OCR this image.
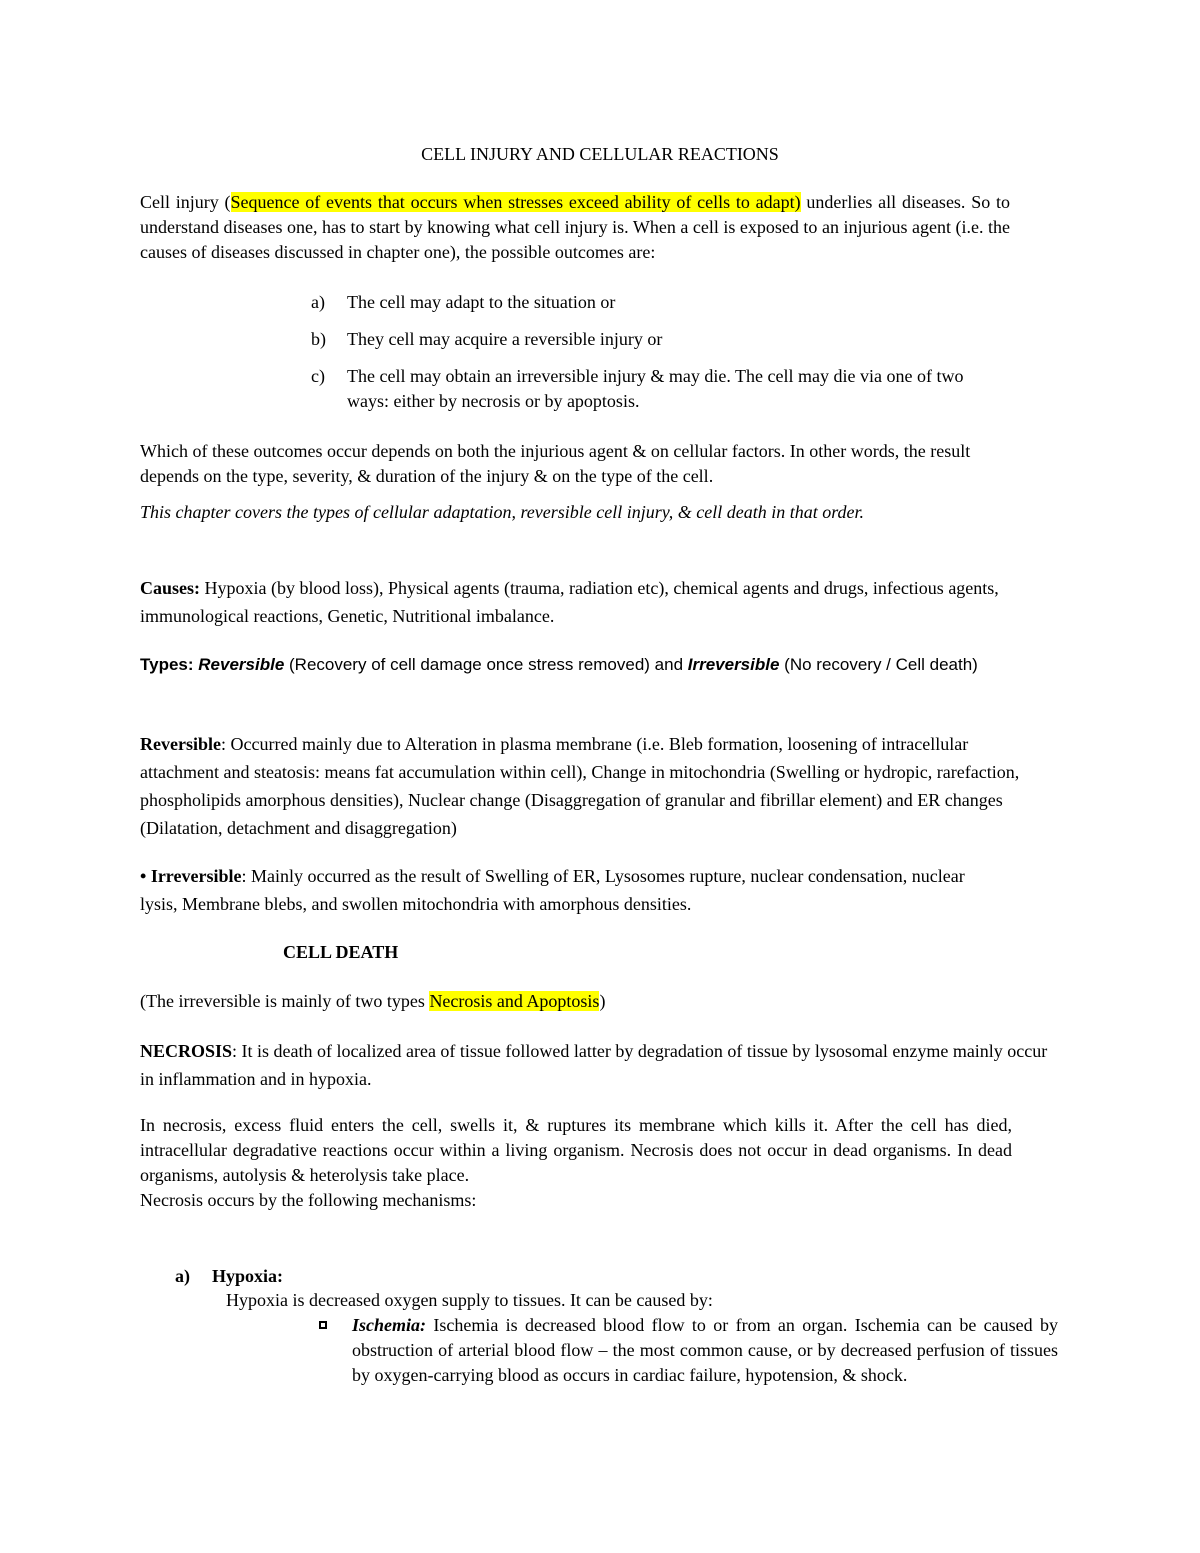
CELL INJURY AND CELLULAR REACTIONS

Cell injury (Sequence of events that occurs when stresses exceed ability of cells to adapt) underlies all diseases. So to understand diseases one, has to start by knowing what cell injury is. When a cell is exposed to an injurious agent (i.e. the causes of diseases discussed in chapter one), the possible outcomes are:

a) The cell may adapt to the situation or
b) They cell may acquire a reversible injury or
c) The cell may obtain an irreversible injury & may die. The cell may die via one of two ways: either by necrosis or by apoptosis.

Which of these outcomes occur depends on both the injurious agent & on cellular factors. In other words, the result depends on the type, severity, & duration of the injury & on the type of the cell.

This chapter covers the types of cellular adaptation, reversible cell injury, & cell death in that order.

Causes: Hypoxia (by blood loss), Physical agents (trauma, radiation etc), chemical agents and drugs, infectious agents, immunological reactions, Genetic, Nutritional imbalance.

Types: Reversible (Recovery of cell damage once stress removed) and Irreversible (No recovery / Cell death)

Reversible: Occurred mainly due to Alteration in plasma membrane (i.e. Bleb formation, loosening of intracellular attachment and steatosis: means fat accumulation within cell), Change in mitochondria (Swelling or hydropic, rarefaction, phospholipids amorphous densities), Nuclear change (Disaggregation of granular and fibrillar element) and ER changes (Dilatation, detachment and disaggregation)

• Irreversible: Mainly occurred as the result of Swelling of ER, Lysosomes rupture, nuclear condensation, nuclear lysis, Membrane blebs, and swollen mitochondria with amorphous densities.

CELL DEATH

(The irreversible is mainly of two types Necrosis and Apoptosis)

NECROSIS: It is death of localized area of tissue followed latter by degradation of tissue by lysosomal enzyme mainly occur in inflammation and in hypoxia.

In necrosis, excess fluid enters the cell, swells it, & ruptures its membrane which kills it. After the cell has died, intracellular degradative reactions occur within a living organism. Necrosis does not occur in dead organisms. In dead organisms, autolysis & heterolysis take place.

Necrosis occurs by the following mechanisms:

a) Hypoxia:

Hypoxia is decreased oxygen supply to tissues. It can be caused by:

Ischemia: Ischemia is decreased blood flow to or from an organ. Ischemia can be caused by obstruction of arterial blood flow – the most common cause, or by decreased perfusion of tissues by oxygen-carrying blood as occurs in cardiac failure, hypotension, & shock.
